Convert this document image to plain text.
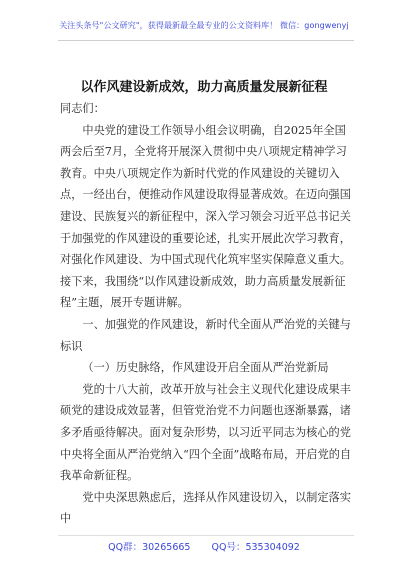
关注头条号"公文研究"，获得最新最全最专业的公文资料库！ 微信：gongwenyj
以作风建设新成效，助力高质量发展新征程

同志们：

中央党的建设工作领导小组会议明确，自2025年全国两会后至7月，全党将开展深入贯彻中央八项规定精神学习教育。中央八项规定作为新时代党的作风建设的关键切入点，一经出台，便推动作风建设取得显著成效。在迈向强国建设、民族复兴的新征程中，深入学习领会习近平总书记关于加强党的作风建设的重要论述，扎实开展此次学习教育，对强化作风建设、为中国式现代化筑牢坚实保障意义重大。接下来，我围绕“以作风建设新成效，助力高质量发展新征程”主题，展开专题讲解。

一、加强党的作风建设，新时代全面从严治党的关键与标识

（一）历史脉络，作风建设开启全面从严治党新局

党的十八大前，改革开放与社会主义现代化建设成果丰硕党的建设成效显著，但管党治党不力问题也逐渐暴露，诸多矛盾亟待解决。面对复杂形势，以习近平同志为核心的党中央将全面从严治党纳入“四个全面”战略布局，开启党的自我革命新征程。

党中央深思熟虑后，选择从作风建设切入，以制定落实中

QQ群：30265665 QQ号：535304092
